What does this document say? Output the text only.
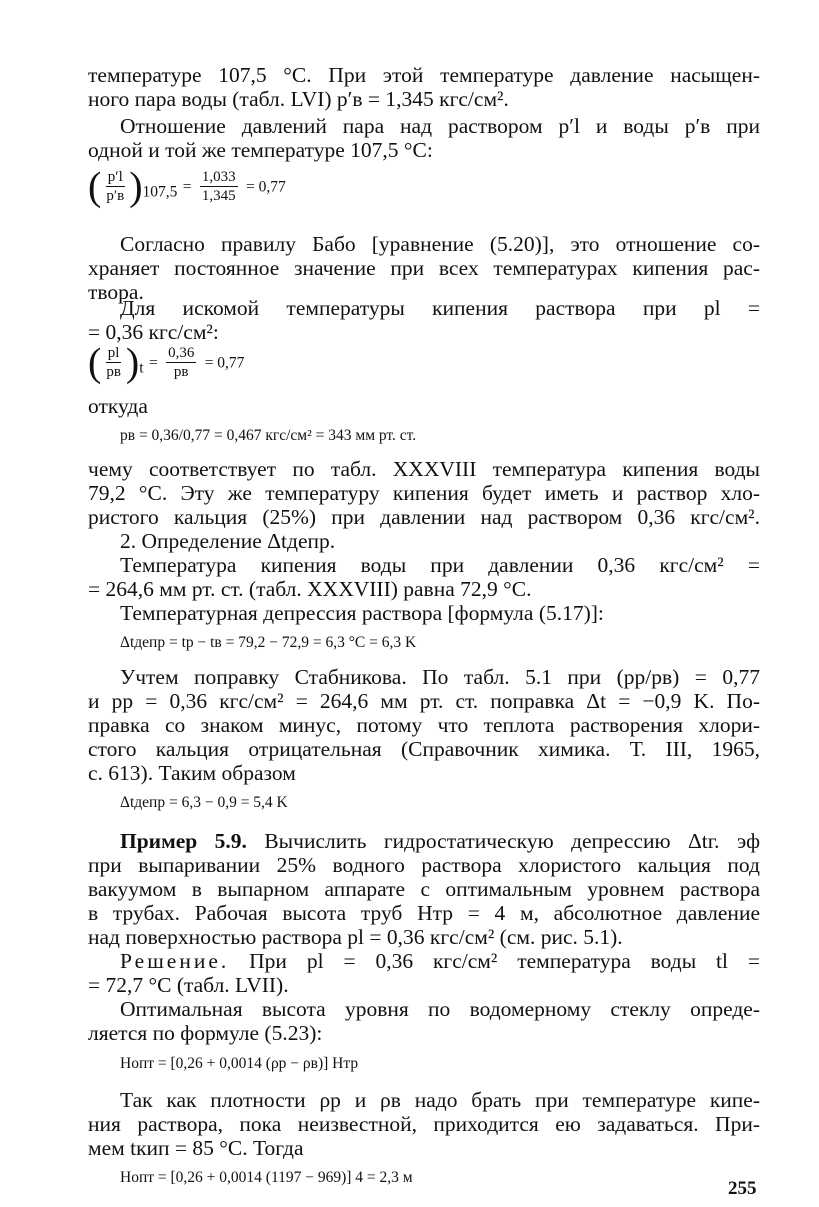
температуре 107,5 °С. При этой температуре давление насыщен-
ного пара воды (табл. LVI) p′в = 1,345 кгс/см².
Отношение давлений пара над раствором p′l и воды p′в при
одной и той же температуре 107,5 °С:
( $\frac{p'l}{p'в} )_{107,5} = \frac{1,033}{1,345} = 0,77$
Согласно правилу Бабо [уравнение (5.20)], это отношение со-
храняет постоянное значение при всех температурах кипения рас-
твора.
Для искомой температуры кипения раствора при pl =
= 0,36 кгс/см²:
( $\frac{pl}{pв} )_t = \frac{0,36}{pв} = 0,77$
откуда
pв = 0,36/0,77 = 0,467 кгс/см² = 343 мм рт. ст.
чему соответствует по табл. XXXVIII температура кипения воды
79,2 °С. Эту же температуру кипения будет иметь и раствор хло-
ристого кальция (25%) при давлении над раствором 0,36 кгс/см².
2. Определение Δtдепр.
Температура кипения воды при давлении 0,36 кгс/см² =
= 264,6 мм рт. ст. (табл. XXXVIII) равна 72,9 °С.
Температурная депрессия раствора [формула (5.17)]:
Δtдепр = tр − tв = 79,2 − 72,9 = 6,3 °С = 6,3 K
Учтем поправку Стабникова. По табл. 5.1 при (pр/pв) = 0,77
и pр = 0,36 кгс/см² = 264,6 мм рт. ст. поправка Δt = −0,9 K. По-
правка со знаком минус, потому что теплота растворения хлори-
стого кальция отрицательная (Справочник химика. Т. III, 1965,
с. 613). Таким образом
Δtдепр = 6,3 − 0,9 = 5,4 K
Пример 5.9. Вычислить гидростатическую депрессию Δtг. эф
при выпаривании 25% водного раствора хлористого кальция под
вакуумом в выпарном аппарате с оптимальным уровнем раствора
в трубах. Рабочая высота труб Hтр = 4 м, абсолютное давление
над поверхностью раствора pl = 0,36 кгс/см² (см. рис. 5.1).
Решение. При pl = 0,36 кгс/см² температура воды tl =
= 72,7 °С (табл. LVII).
Оптимальная высота уровня по водомерному стеклу опреде-
ляется по формуле (5.23):
Hопт = [0,26 + 0,0014 (ρр − ρв)] Hтр
Так как плотности ρр и ρв надо брать при температуре кипе-
ния раствора, пока неизвестной, приходится ею задаваться. При-
мем tкип = 85 °С. Тогда
Hопт = [0,26 + 0,0014 (1197 − 969)] 4 = 2,3 м
255
